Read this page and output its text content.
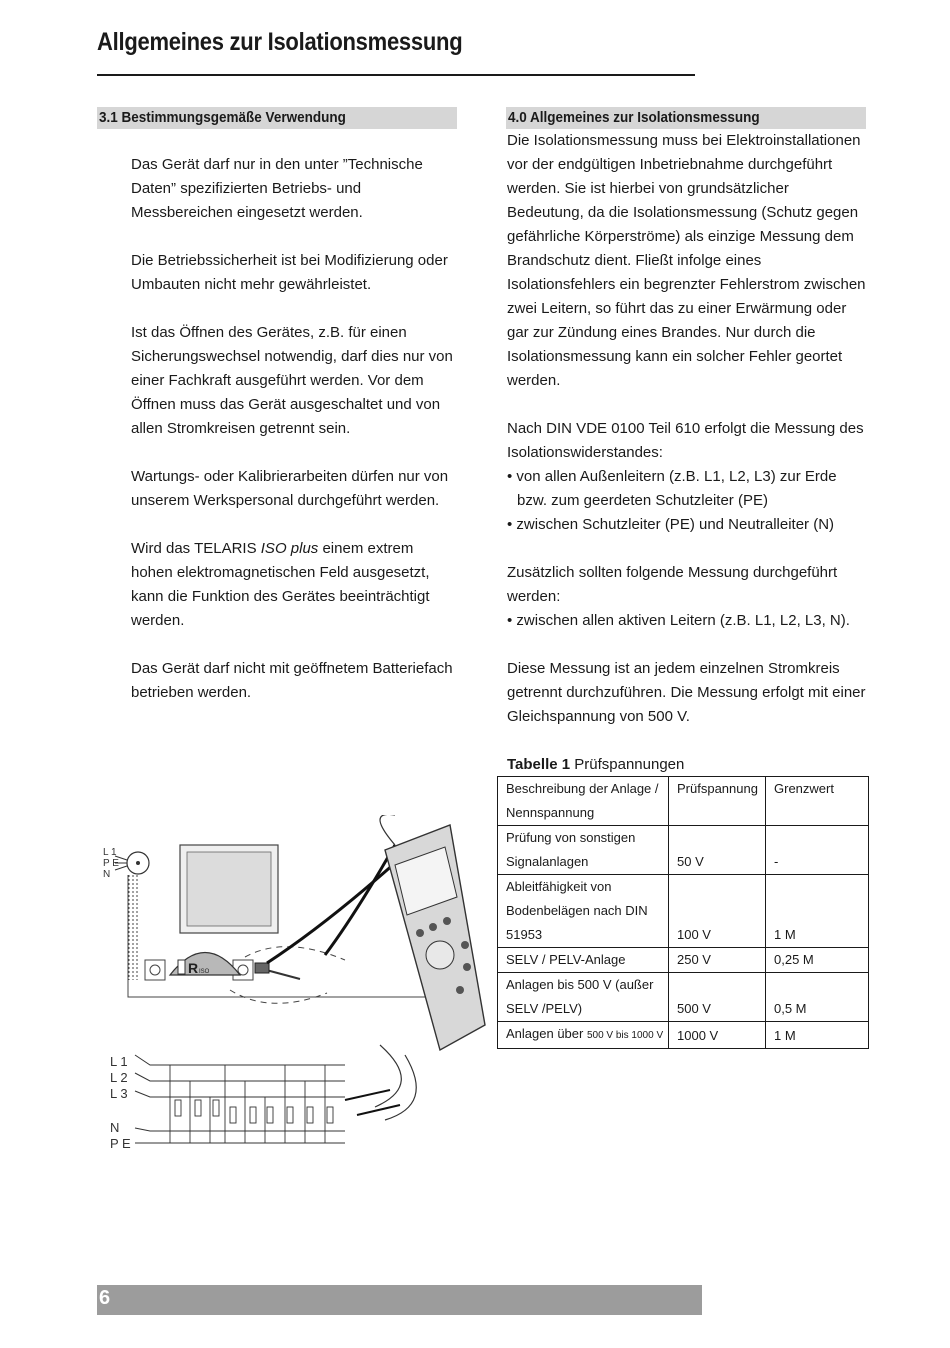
Allgemeines zur Isolationsmessung
3.1 Bestimmungsgemäße Verwendung	4.0 Allgemeines zur Isolationsmessung

Das Gerät darf nur in den unter ”Technische Daten” spezifizierten Betriebs- und Messbereichen eingesetzt werden.

Die Betriebssicherheit ist bei Modifizierung oder Umbauten nicht mehr gewährleistet.

Ist das Öffnen des Gerätes, z.B. für einen Sicherungswechsel notwendig, darf dies nur von einer Fachkraft ausgeführt werden. Vor dem Öffnen muss das Gerät ausgeschaltet und von allen Stromkreisen getrennt sein.

Wartungs- oder Kalibrierarbeiten dürfen nur von unserem Werkspersonal durchgeführt werden.

Wird das TELARIS ISO plus einem extrem hohen elektromagnetischen Feld ausgesetzt, kann die Funktion des Gerätes beeinträchtigt werden.

Das Gerät darf nicht mit geöffnetem Batteriefach betrieben werden.

Die Isolationsmessung muss bei Elektroinstallationen vor der endgültigen Inbetriebnahme durchgeführt werden. Sie ist hierbei von grundsätzlicher Bedeutung, da die Isolationsmessung (Schutz gegen gefährliche Körperströme) als einzige Messung dem Brandschutz dient. Fließt infolge eines Isolationsfehlers ein begrenzter Fehlerstrom zwischen zwei Leitern, so führt das zu einer Erwärmung oder gar zur Zündung eines Brandes. Nur durch die Isolationsmessung kann ein solcher Fehler geortet werden.

Nach DIN VDE 0100 Teil 610 erfolgt die Messung des Isolationswiderstandes:

• von allen Außenleitern (z.B. L1, L2, L3) zur Erde bzw. zum geerdeten Schutzleiter (PE)

• zwischen Schutzleiter (PE) und Neutralleiter (N)

Zusätzlich sollten folgende Messung durchgeführt werden:

• zwischen allen aktiven Leitern (z.B. L1, L2, L3, N).

Diese Messung ist an jedem einzelnen Stromkreis getrennt durchzuführen. Die Messung erfolgt mit einer Gleichspannung von 500 V.

Tabelle 1 Prüfspannungen
Beschreibung der Anlage / Nennspannung	Prüfspannung	Grenzwert
Prüfung von sonstigen Signalanlagen	50 V	-
Ableitfähigkeit von Bodenbelägen nach DIN 51953	100 V	1 M
SELV / PELV-Anlage	250 V	0,25 M
Anlagen bis 500 V (außer SELV /PELV)	500 V	0,5 M
Anlagen über 500 V bis 1000 V	1000 V	1 M
L 1
P E
N
R ISO
L 1
L 2
L 3
N
P E
6
